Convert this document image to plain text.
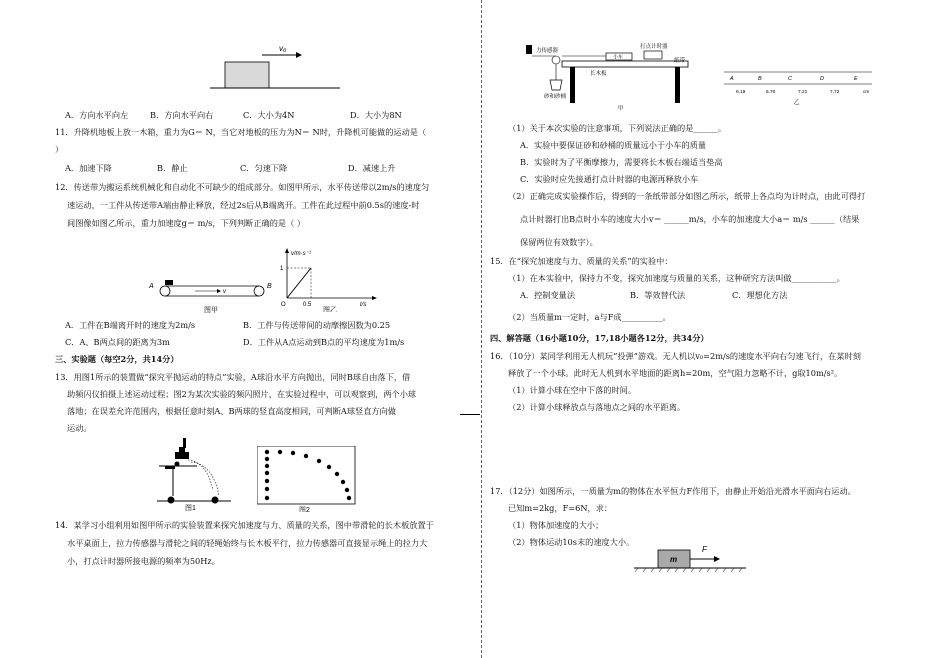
v₀
A．方向水平向左	B．方向水平向右	C．大小为4N	D．大小为8N
11．升降机地板上放一木箱，重力为G＝ N，当它对地板的压力为N＝ N时，升降机可能做的运动是（
）
A．加速下降	B．静止	C．匀速下降	D．减速上升
12．传送带为搬运系统机械化和自动化不可缺少的组成部分。如图甲所示，水平传送带以2m/s的速度匀
速运动，一工件从传送带A端由静止释放，经过2s后从B端离开。工件在此过程中前0.5s的速度-时
间图像如图乙所示，重力加速度g＝ m/s，下列判断正确的是（ ）
A	B
v
图甲
v/m·s⁻¹
t/s
1
0.5
O
图乙
A．工件在B端离开时的速度为2m/s	B．工件与传送带间的动摩擦因数为0.25
C．A、B两点间的距离为3m	D．工件从A点运动到B点的平均速度为1m/s
三、实验题（每空2分，共14分）
13．用图1所示的装置做“探究平抛运动的特点”实验，A球沿水平方向抛出，同时B球自由落下，借
助频闪仪拍摄上述运动过程；图2为某次实验的频闪照片，在实验过程中，可以观察到，两个小球
落地；在误差允许范围内，根据任意时刻A、B两球的竖直高度相同，可判断A球竖直方向做
运动。
图1	图2
14．某学习小组利用如图甲所示的实验装置来探究加速度与力、质量的关系，图中带滑轮的长木板放置于
水平桌面上，拉力传感器与滑轮之间的轻绳始终与长木板平行，拉力传感器可直接显示绳上的拉力大
小，打点计时器所接电源的频率为50Hz。
力传感器
砂和砂桶
打点计时器
小车
纸带
长木板
甲
A	B	C	D	E
6.19	6.70	7.21	7.72	cm
乙
（1）关于本次实验的注意事项，下列说法正确的是______。
A．实验中要保证砂和砂桶的质量远小于小车的质量
B．实验时为了平衡摩擦力，需要将长木板右端适当垫高
C．实验时应先接通打点计时器的电源再释放小车
（2）正确完成实验操作后，得到的一条纸带部分如图乙所示，纸带上各点均为计时点，由此可得打
点计时器打出B点时小车的速度大小v＝ ______m/s，小车的加速度大小a＝ m/s ______（结果
保留两位有效数字）。
15．在“探究加速度与力、质量的关系”的实验中：
（1）在本实验中，保持力不变，探究加速度与质量的关系，这种研究方法叫做___________。
A．控制变量法	B．等效替代法	C．理想化方法
（2）当质量m一定时，a与F成__________。
四、解答题（16小题10分，17,18小题各12分，共34分）
16．（10分）某同学利用无人机玩“投弹”游戏。无人机以v₀=2m/s的速度水平向右匀速飞行，在某时刻
释放了一个小球。此时无人机到水平地面的距离h=20m，空气阻力忽略不计，g取10m/s²。
（1）计算小球在空中下落的时间。
（2）计算小球释放点与落地点之间的水平距离。
17．（12分）如图所示，一质量为m的物体在水平恒力F作用下，由静止开始沿光滑水平面向右运动。
已知m=2kg，F=6N，求：
（1）物体加速度的大小；
（2）物体运动10s末的速度大小。
m
F
